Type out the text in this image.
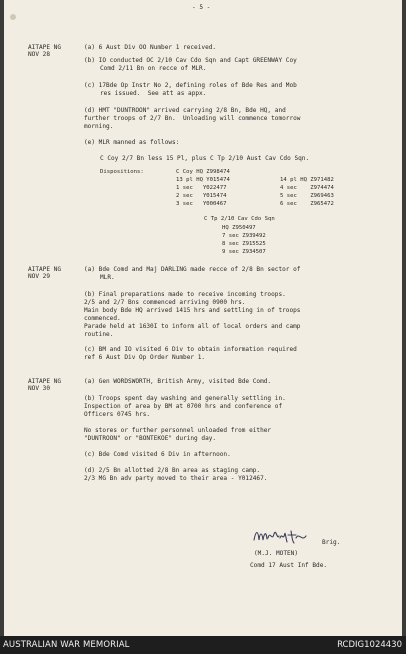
- 5 -
AITAPE NG
NOV 28
(a) 6 Aust Div OO Number 1 received.
(b) IO conducted OC 2/10 Cav Cdo Sqn and Capt GREENWAY Coy
Comd 2/11 Bn on recce of MLR.
(c) 17Bde Op Instr No 2, defining roles of Bde Res and Mob
res issued.  See att as appx.
(d) HMT "DUNTROON" arrived carrying 2/8 Bn, Bde HQ, and
further troops of 2/7 Bn.  Unloading will commence tomorrow
morning.
(e) MLR manned as follows:
C Coy 2/7 Bn less 15 Pl, plus C Tp 2/10 Aust Cav Cdo Sqn.
Dispositions:	C Coy HQ Z998474
13 pl HQ Y015474	14 pl HQ Z971482
1 sec   Y022477	4 sec    Z974474
2 sec   Y015474	5 sec    Z969463
3 sec   Y000467	6 sec    Z965472
C Tp 2/10 Cav Cdo Sqn
HQ Z950497
7 sec Z939492
8 sec Z915525
9 sec Z934507
AITAPE NG
NOV 29
(a) Bde Comd and Maj DARLING made recce of 2/8 Bn sector of
MLR.
(b) Final preparations made to receive incoming troops.
2/5 and 2/7 Bns commenced arriving 0900 hrs.
Main body Bde HQ arrived 1415 hrs and settling in of troops
commenced.
Parade held at 1630I to inform all of local orders and camp
routine.
(c) BM and IO visited 6 Div to obtain information required
ref 6 Aust Div Op Order Number 1.
AITAPE NG
NOV 30
(a) Gen WORDSWORTH, British Army, visited Bde Comd.
(b) Troops spent day washing and generally settling in.
Inspection of area by BM at 0700 hrs and conference of
Officers 0745 hrs.
No stores or further personnel unloaded from either
"DUNTROON" or "BONTEKOE" during day.
(c) Bde Comd visited 6 Div in afternoon.
(d) 2/5 Bn allotted 2/8 Bn area as staging camp.
2/3 MG Bn adv party moved to their area - Y012467.
Brig.
(M.J. MOTEN)
Comd 17 Aust Inf Bde.
AUSTRALIAN WAR MEMORIAL	RCDIG1024430
